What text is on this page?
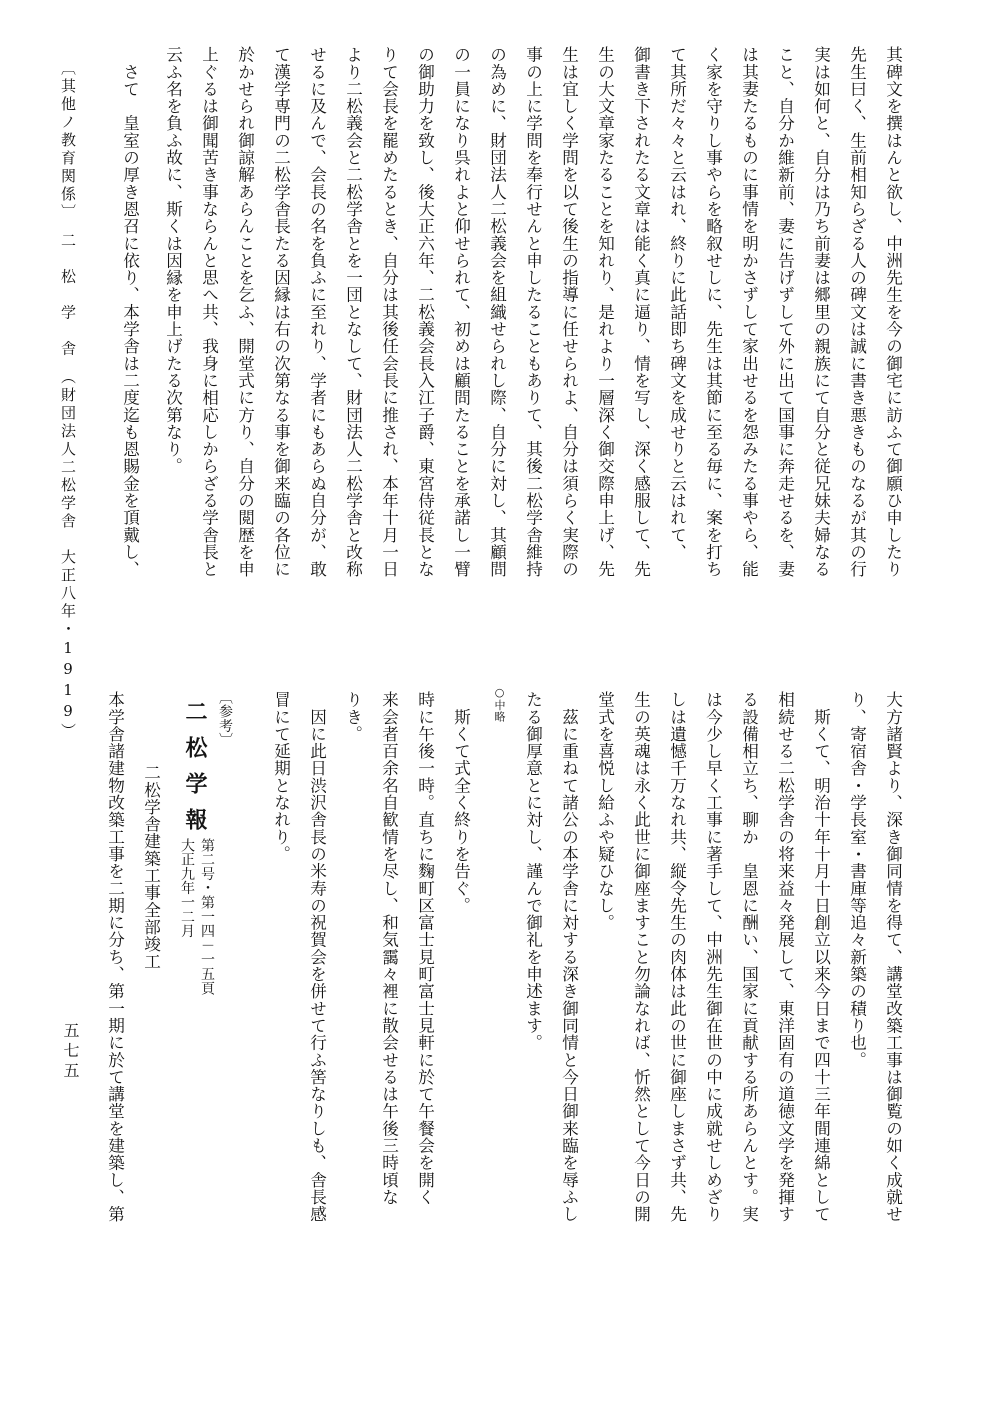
五七五
〔其他ノ教育関係〕　二　松　学　舎　（財団法人二松学舎　大正八年・1919）	其碑文を撰はんと欲し、中洲先生を今の御宅に訪ふて御願ひ申したり
先生曰く、生前相知らざる人の碑文は誠に書き悪きものなるが其の行
実は如何と、自分は乃ち前妻は郷里の親族にて自分と従兄妹夫婦なる
こと、自分か維新前、妻に告げずして外に出て国事に奔走せるを、妻
は其妻たるものに事情を明かさずして家出せるを怨みたる事やら、能
く家を守りし事やらを略叙せしに、先生は其節に至る毎に、案を打ち
て其所だ々々と云はれ、終りに此話即ち碑文を成せりと云はれて、
御書き下されたる文章は能く真に逼り、情を写し、深く感服して、先
生の大文章家たることを知れり、是れより一層深く御交際申上げ、先
生は宜しく学問を以て後生の指導に任せられよ、自分は須らく実際の
事の上に学問を奉行せんと申したることもありて、其後二松学舎維持
の為めに、財団法人二松義会を組織せられし際、自分に対し、其顧問
の一員になり呉れよと仰せられて、初めは顧問たることを承諾し一臂
の御助力を致し、後大正六年、二松義会長入江子爵、東宮侍従長とな
りて会長を罷めたるとき、自分は其後任会長に推され、本年十月一日
より二松義会と二松学舎とを一団となして、財団法人二松学舎と改称
せるに及んで、会長の名を負ふに至れり、学者にもあらぬ自分が、敢
て漢学専門の二松学舎長たる因縁は右の次第なる事を御来臨の各位に
於かせられ御諒解あらんことを乞ふ、開堂式に方り、自分の閲歴を申
上ぐるは御聞苦き事ならんと思へ共、我身に相応しからざる学舎長と
云ふ名を負ふ故に、斯くは因縁を申上げたる次第なり。
　さて　皇室の厚き恩召に依り、本学舎は二度迄も恩賜金を頂戴し、
大方諸賢より、深き御同情を得て、講堂改築工事は御覧の如く成就せ
り、寄宿舎・学長室・書庫等追々新築の積り也。
　斯くて、明治十年十月十日創立以来今日まで四十三年間連綿として
相続せる二松学舎の将来益々発展して、東洋固有の道徳文学を発揮す
る設備相立ち、聊か　皇恩に酬い、国家に貢献する所あらんとす。実
は今少し早く工事に著手して、中洲先生御在世の中に成就せしめざり
しは遺憾千万なれ共、縦令先生の肉体は此の世に御座しまさず共、先
生の英魂は永く此世に御座ますこと勿論なれば、忻然として今日の開
堂式を喜悦し給ふや疑ひなし。
　茲に重ねて諸公の本学舎に対する深き御同情と今日御来臨を辱ふし
たる御厚意とに対し、謹んで御礼を申述ます。
○中略
　斯くて式全く終りを告ぐ。
時に午後一時。直ちに麴町区富士見町富士見軒に於て午餐会を開く
来会者百余名自歓情を尽し、和気靄々裡に散会せるは午後三時頃な
りき。
　因に此日渋沢舎長の米寿の祝賀会を併せて行ふ筈なりしも、舎長感
冒にて延期となれり。
〔参考〕
二松学報
第二号・第一四－一五頁
大正九年一二月
二松学舎建築工事全部竣工
本学舎諸建物改築工事を二期に分ち、第一期に於て講堂を建築し、第
